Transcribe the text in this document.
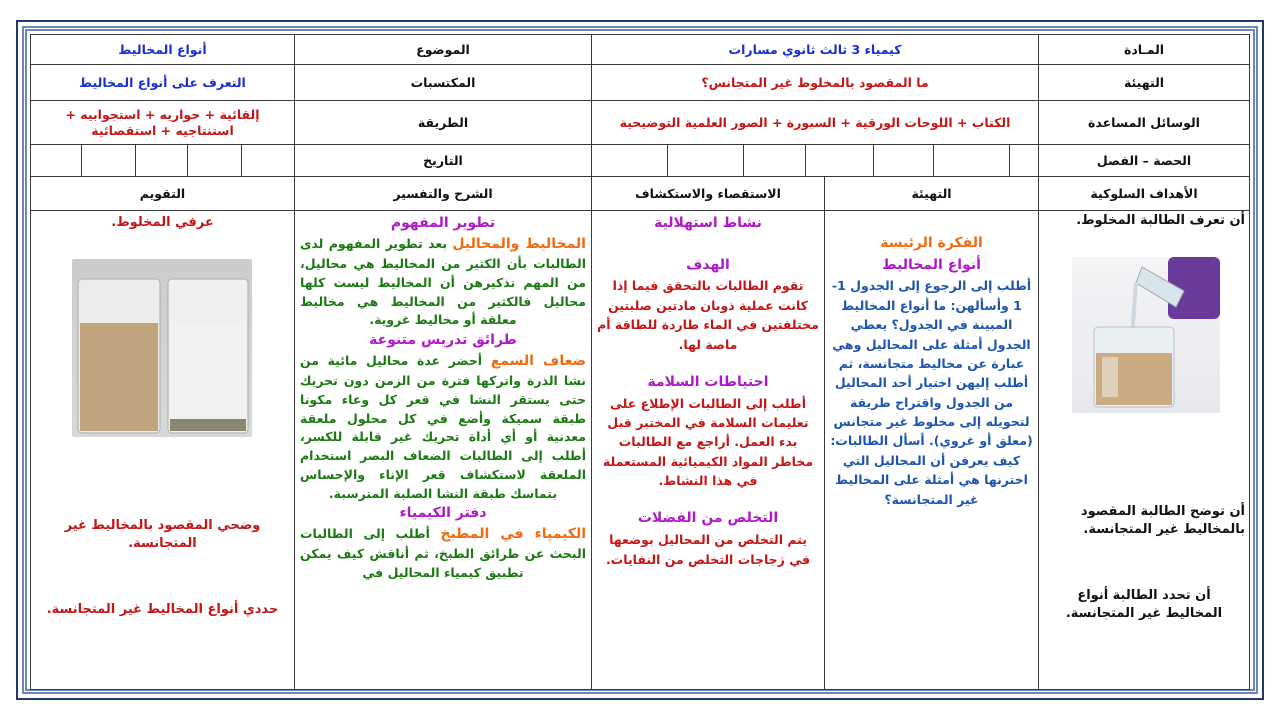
المـادة
كيمياء 3 ثالث ثانوي مسارات
الموضوع
أنواع المخاليط
التهيئة
ما المقصود بالمخلوط غير المتجانس؟
المكتسبات
التعرف على أنواع المخاليط
الوسائل المساعدة
الكتاب + اللوحات الورقية + السبورة + الصور العلمية التوضيحية
الطريقة
إلقائية + حواريه + استجوابيه + استنتاجيه + استقصائية
الحصة – الفصل
التاريخ
الأهداف السلوكية
التهيئة
الاستقصاء والاستكشاف
الشرح والتفسير
التقويم
أن تعرف الطالبة المخلوط.
أن توضح الطالبة المقصود بالمخاليط غير المتجانسة.
أن تحدد الطالبة أنواع المخاليط غير المتجانسة.

الفكرة الرئيسة

أنواع المخاليط

أطلب إلى الرجوع إلى الجدول 1-1 وأسألهن: ما أنواع المخاليط المبينة في الجدول؟ يعطي الجدول أمثلة على المحاليل وهي عبارة عن مخاليط متجانسة، ثم أطلب إليهن اختيار أحد المحاليل من الجدول واقتراح طريقة لتحويله إلى مخلوط غير متجانس (معلق أو غروي). أسأل الطالبات: كيف يعرفن أن المحاليل التي اخترنها هي أمثلة على المخاليط غير المتجانسة؟

نشاط استهلالية

الهدف

تقوم الطالبات بالتحقق فيما إذا كانت عملية ذوبان مادتين صلبتين مختلفتين في الماء طاردة للطاقة أم ماصة لها.

احتياطات السلامة

أطلب إلى الطالبات الإطلاع على تعليمات السلامة في المختبر قبل بدء العمل. أراجع مع الطالبات مخاطر المواد الكيميائية المستعملة في هذا النشاط.

التخلص من الفضلات

يتم التخلص من المحاليل بوضعها في زجاجات التخلص من النفايات.

تطوير المفهوم

المخاليط والمحاليل بعد تطوير المفهوم لدى الطالبات بأن الكثير من المخاليط هي محاليل، من المهم تذكيرهن أن المخاليط ليست كلها محاليل فالكثير من المخاليط هي مخاليط معلقة أو مخاليط غروية.

طرائق تدريس متنوعة

ضعاف السمع أحضر عدة محاليل مائية من نشا الذرة واتركها فترة من الزمن دون تحريك حتى يستقر النشا في قعر كل وعاء مكونا طبقة سميكة وأضع في كل محلول ملعقة معدنية أو أي أداة تحريك غير قابلة للكسر، أطلب إلى الطالبات الضعاف البصر استخدام الملعقة لاستكشاف قعر الإناء والإحساس بتماسك طبقة النشا الصلبة المترسبة.

دفتر الكيمياء

الكيمياء في المطبخ أطلب إلى الطالبات البحث عن طرائق الطبخ، ثم أناقش كيف يمكن تطبيق كيمياء المحاليل في

عرفي المخلوط.
وضحي المقصود بالمخاليط غير المتجانسة.
حددي أنواع المخاليط غير المتجانسة.
